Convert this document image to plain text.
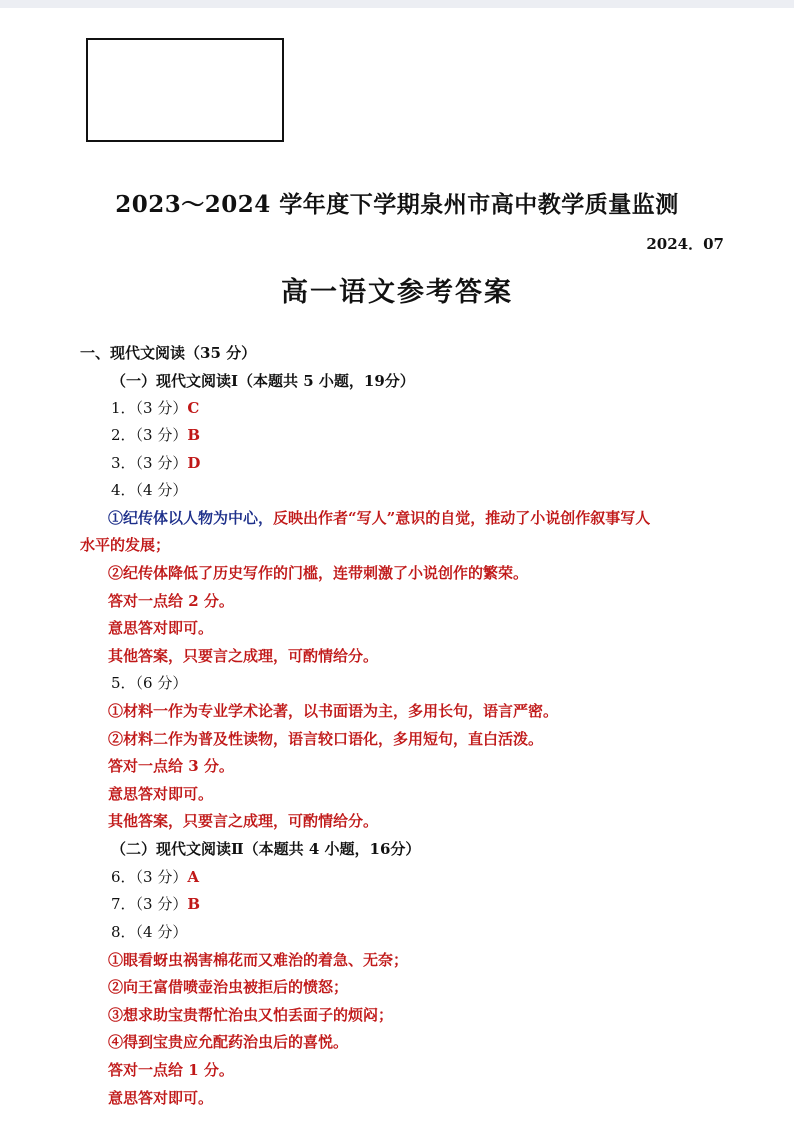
2023～2024 学年度下学期泉州市高中教学质量监测
2024．07
高一语文参考答案
一、现代文阅读（35 分）
（一）现代文阅读Ⅰ（本题共 5 小题，19分）
1．（3 分）C
2．（3 分）B
3．（3 分）D
4．（4 分）
①纪传体以人物为中心，反映出作者“写人”意识的自觉，推动了小说创作叙事写人
水平的发展；
②纪传体降低了历史写作的门槛，连带刺激了小说创作的繁荣。
答对一点给 2 分。
意思答对即可。
其他答案，只要言之成理，可酌情给分。
5．（6 分）
①材料一作为专业学术论著，以书面语为主，多用长句，语言严密。
②材料二作为普及性读物，语言较口语化，多用短句，直白活泼。
答对一点给 3 分。
意思答对即可。
其他答案，只要言之成理，可酌情给分。
（二）现代文阅读Ⅱ（本题共 4 小题，16分）
6．（3 分）A
7．（3 分）B
8．（4 分）
①眼看蚜虫祸害棉花而又难治的着急、无奈；
②向王富借喷壶治虫被拒后的愤怒；
③想求助宝贵帮忙治虫又怕丢面子的烦闷；
④得到宝贵应允配药治虫后的喜悦。
答对一点给 1 分。
意思答对即可。
